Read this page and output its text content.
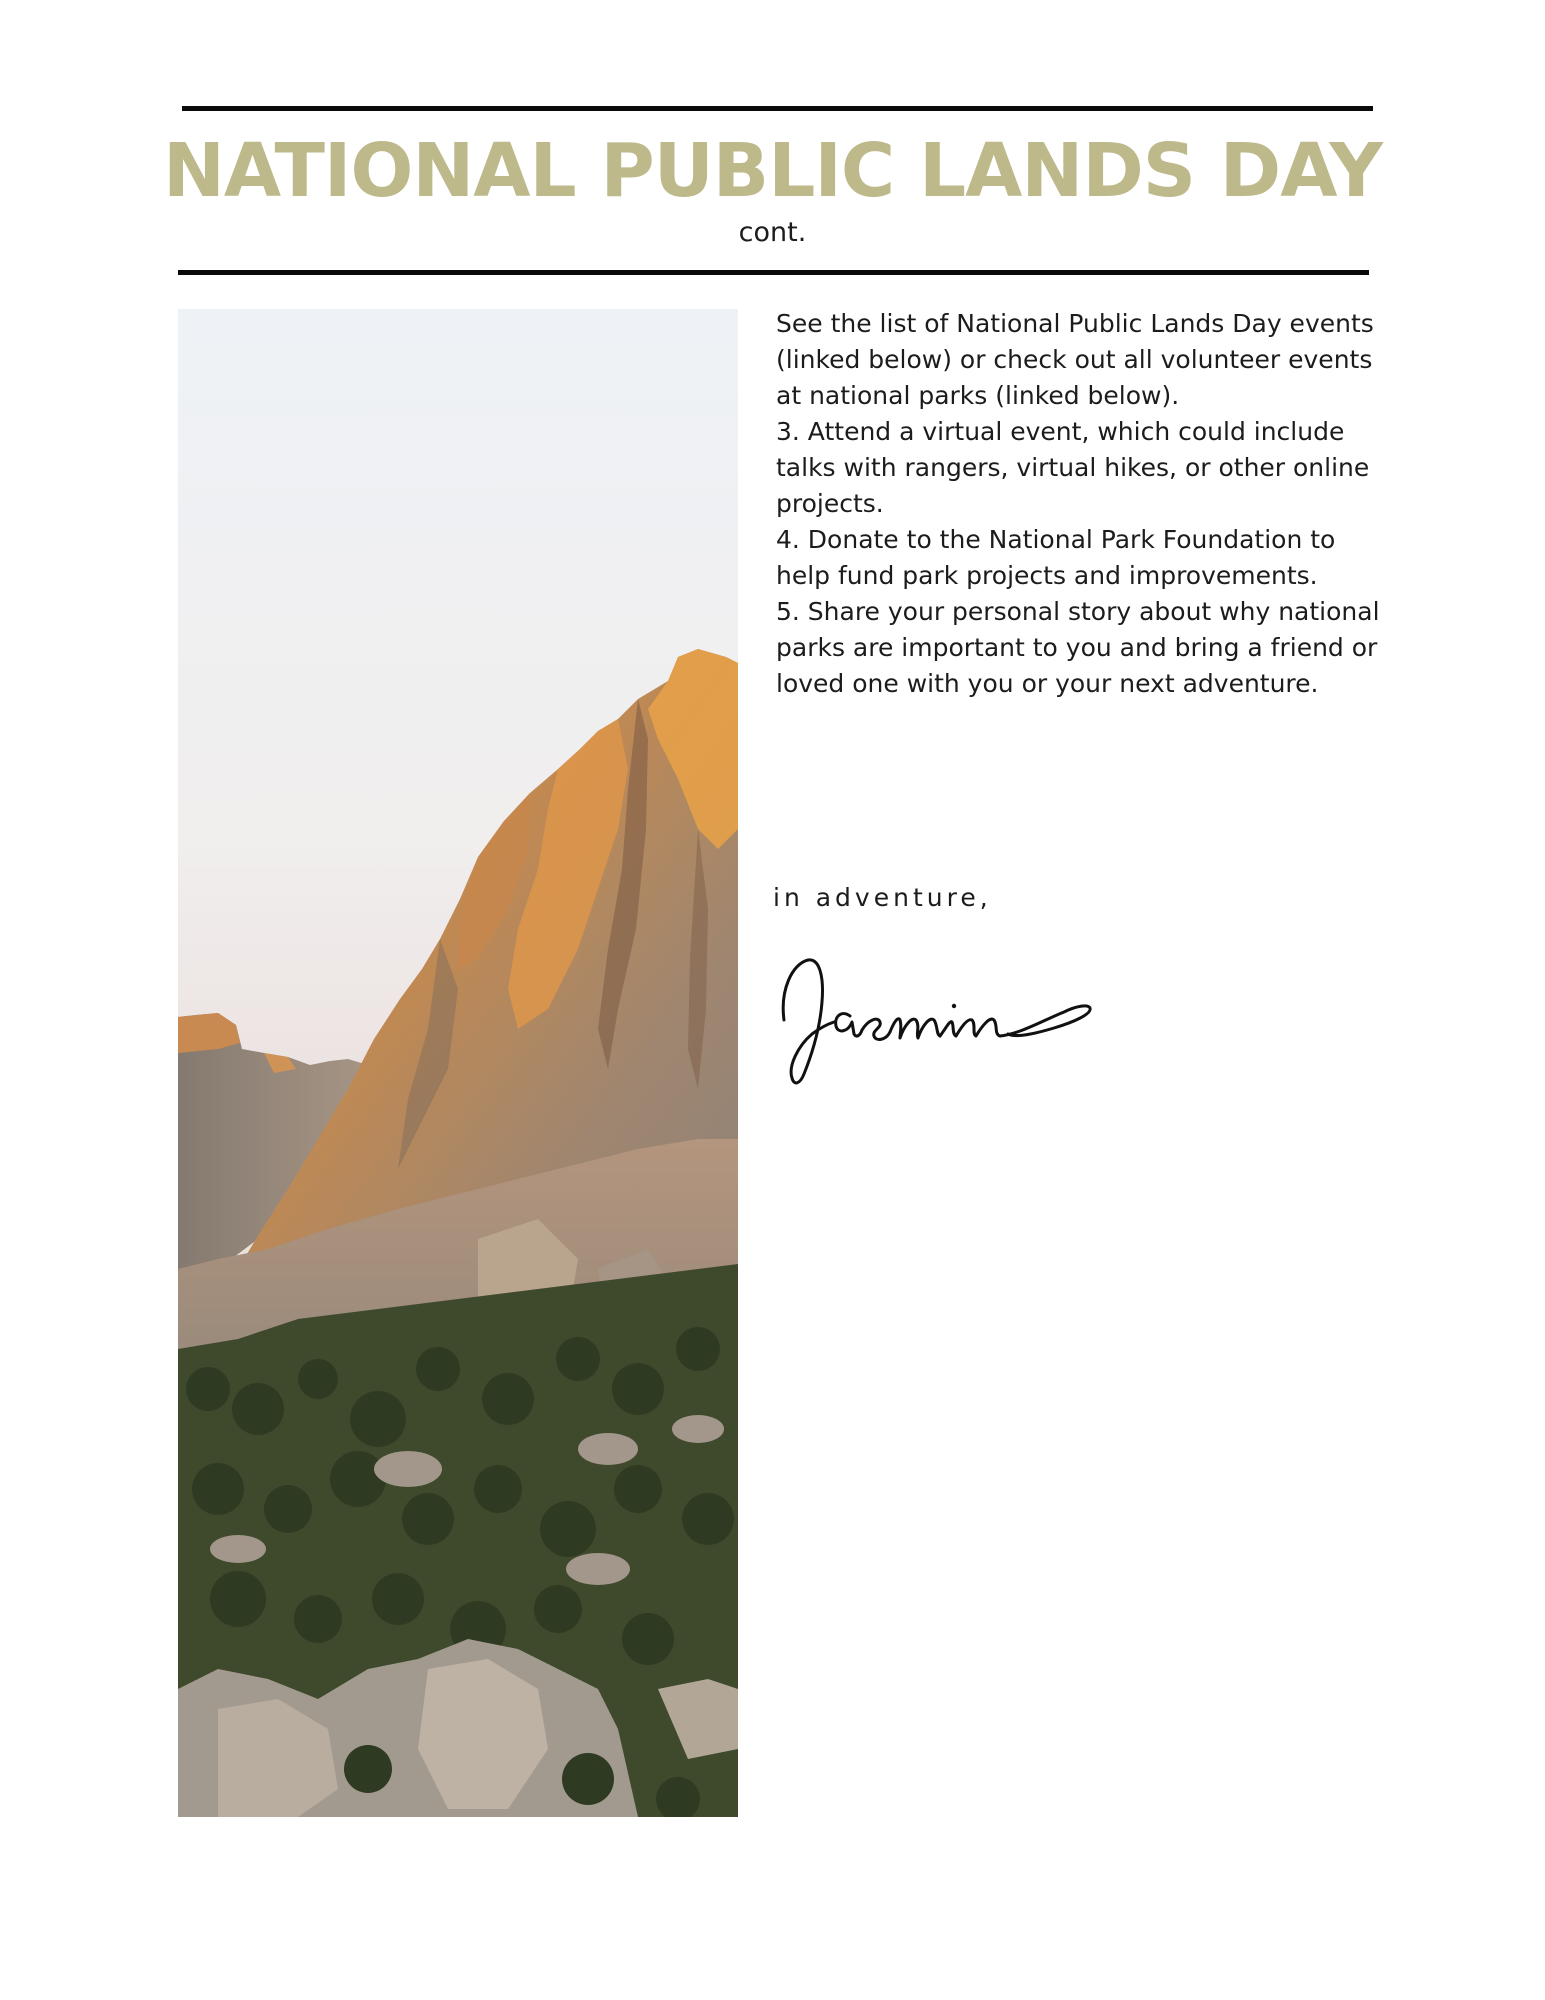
NATIONAL PUBLIC LANDS DAY
cont.

See the list of National Public Lands Day events (linked below) or check out all volunteer events at national parks (linked below).

3. Attend a virtual event, which could include talks with rangers, virtual hikes, or other online projects.

4. Donate to the National Park Foundation to help fund park projects and improvements.

5. Share your personal story about why national parks are important to you and bring a friend or loved one with you or your next adventure.

in adventure,
